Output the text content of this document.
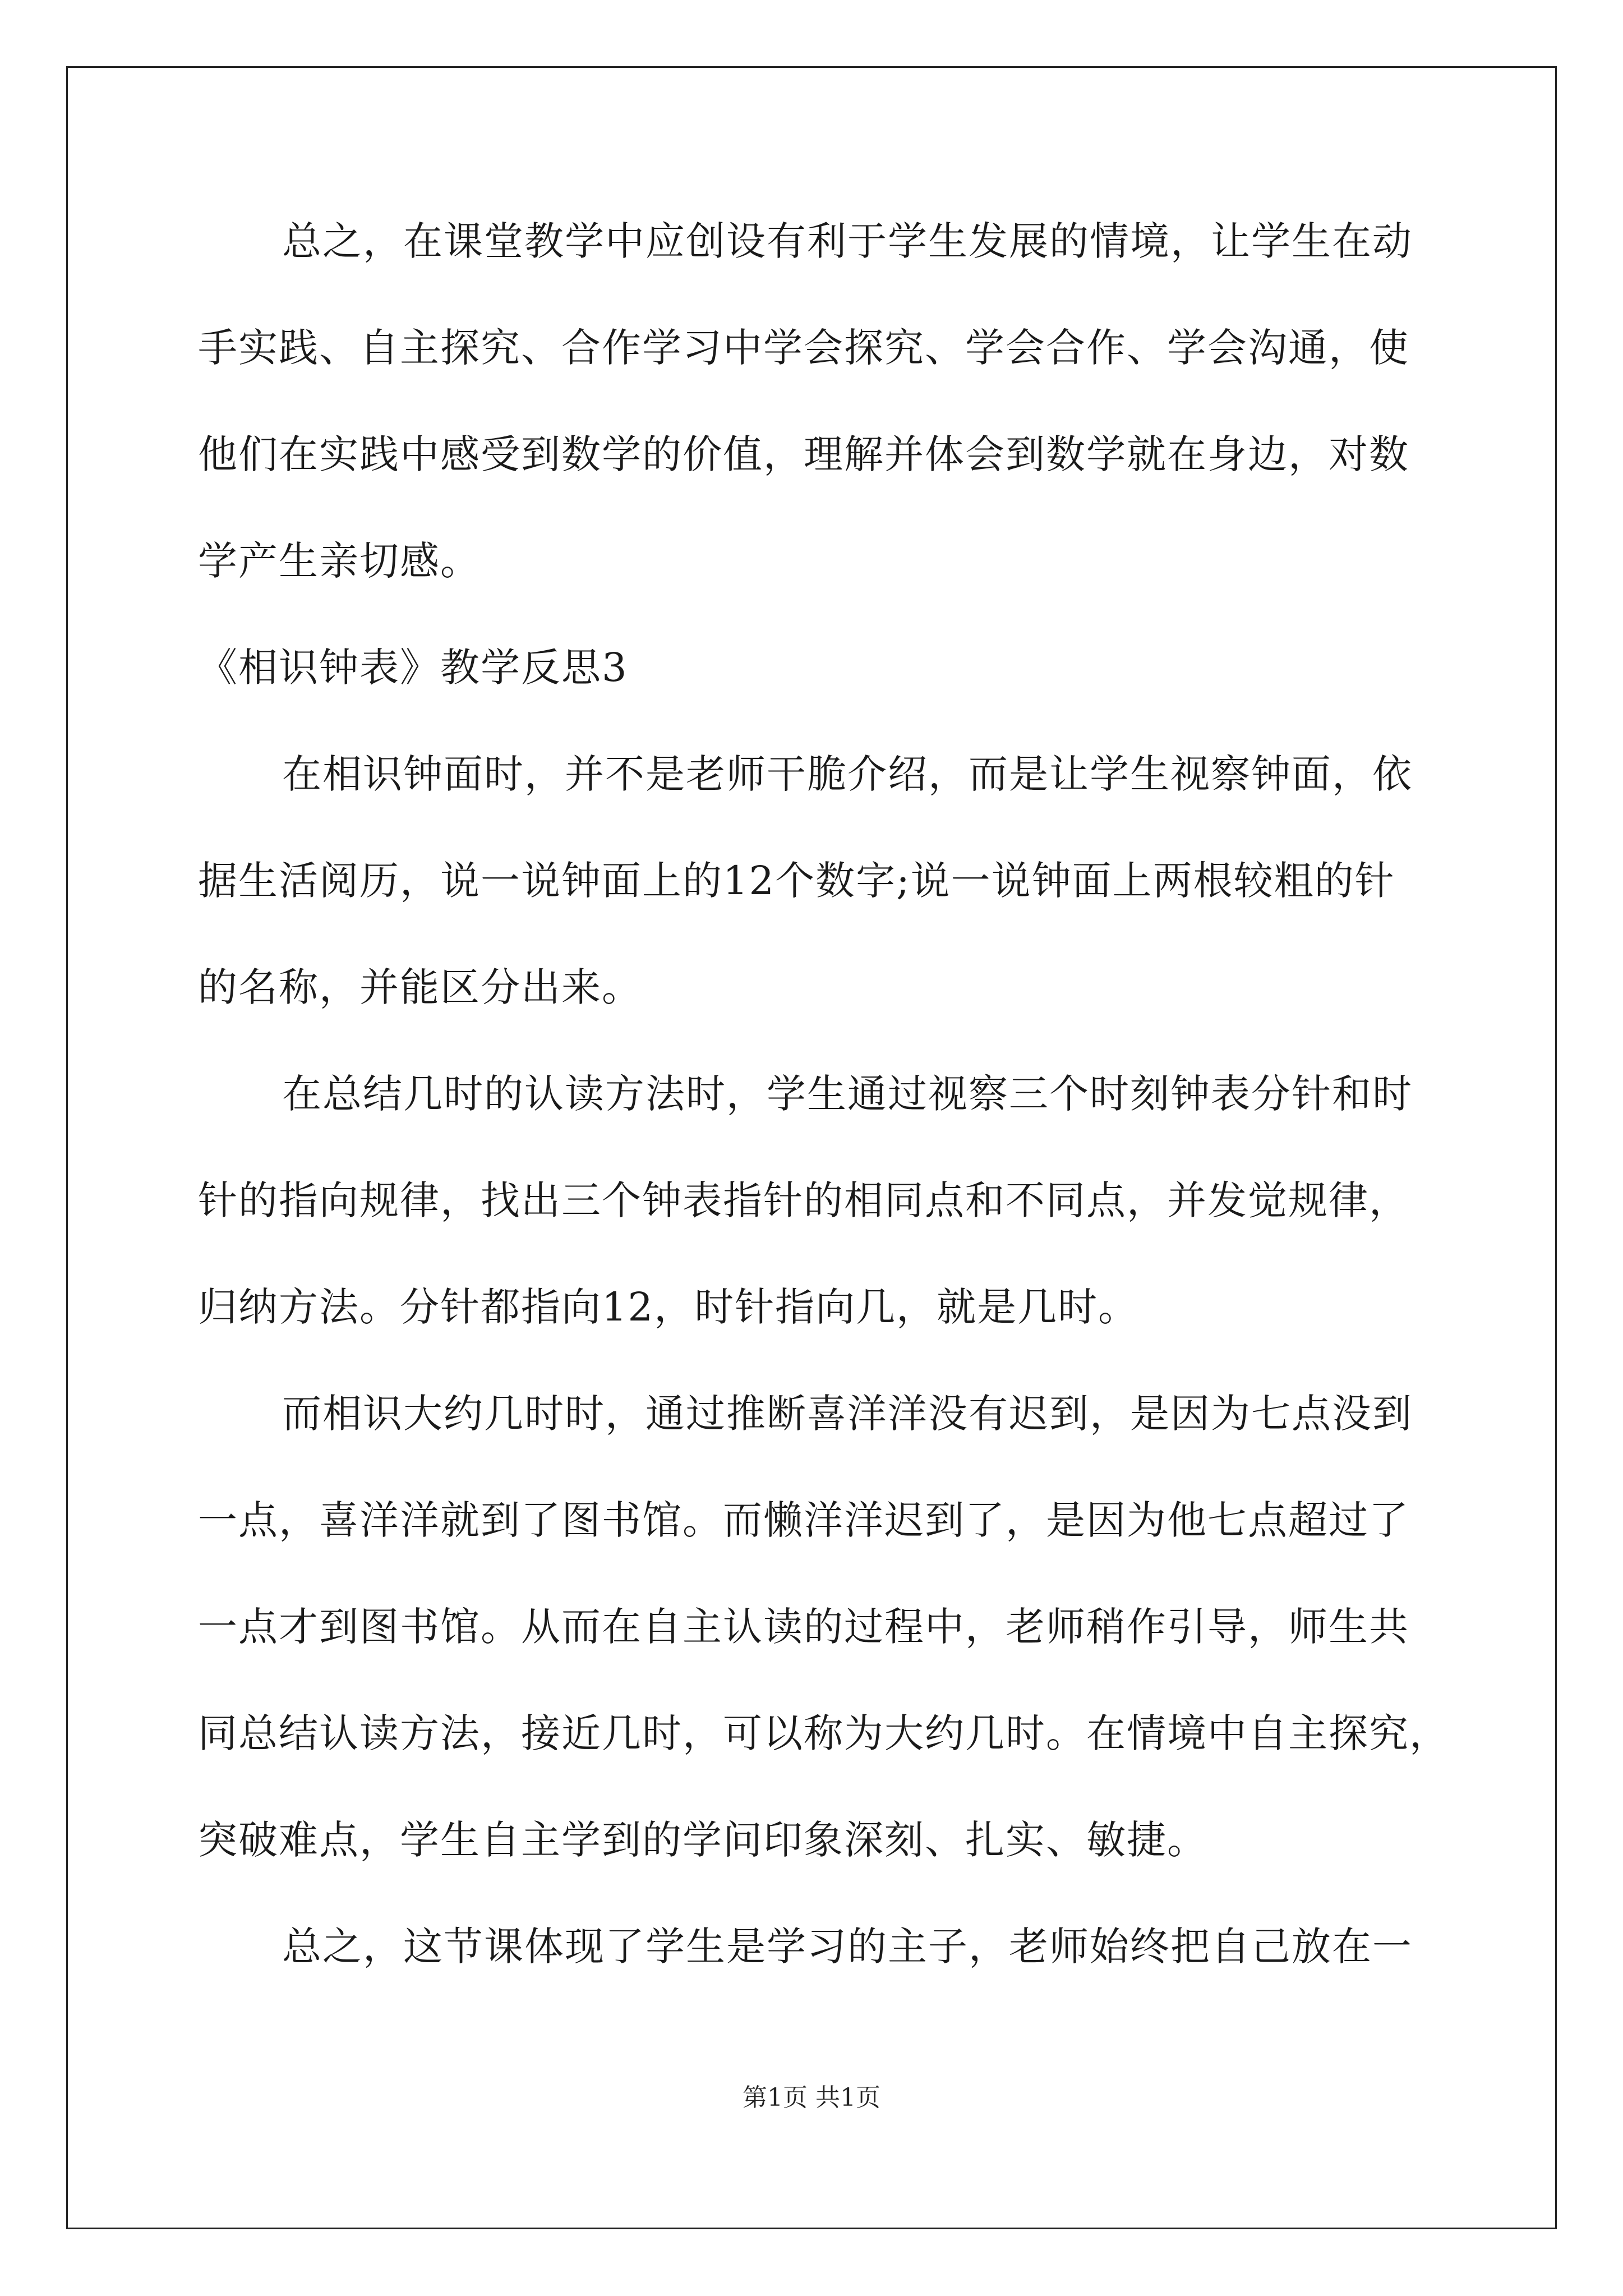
总之，在课堂教学中应创设有利于学生发展的情境，让学生在动
手实践、自主探究、合作学习中学会探究、学会合作、学会沟通，使
他们在实践中感受到数学的价值，理解并体会到数学就在身边，对数
学产生亲切感。
《相识钟表》教学反思3
在相识钟面时，并不是老师干脆介绍，而是让学生视察钟面，依
据生活阅历，说一说钟面上的12个数字;说一说钟面上两根较粗的针
的名称，并能区分出来。
在总结几时的认读方法时，学生通过视察三个时刻钟表分针和时
针的指向规律，找出三个钟表指针的相同点和不同点，并发觉规律，
归纳方法。分针都指向12，时针指向几，就是几时。
而相识大约几时时，通过推断喜洋洋没有迟到，是因为七点没到
一点，喜洋洋就到了图书馆。而懒洋洋迟到了，是因为他七点超过了
一点才到图书馆。从而在自主认读的过程中，老师稍作引导，师生共
同总结认读方法，接近几时，可以称为大约几时。在情境中自主探究，
突破难点，学生自主学到的学问印象深刻、扎实、敏捷。
总之，这节课体现了学生是学习的主子，老师始终把自己放在一
第1页 共1页
